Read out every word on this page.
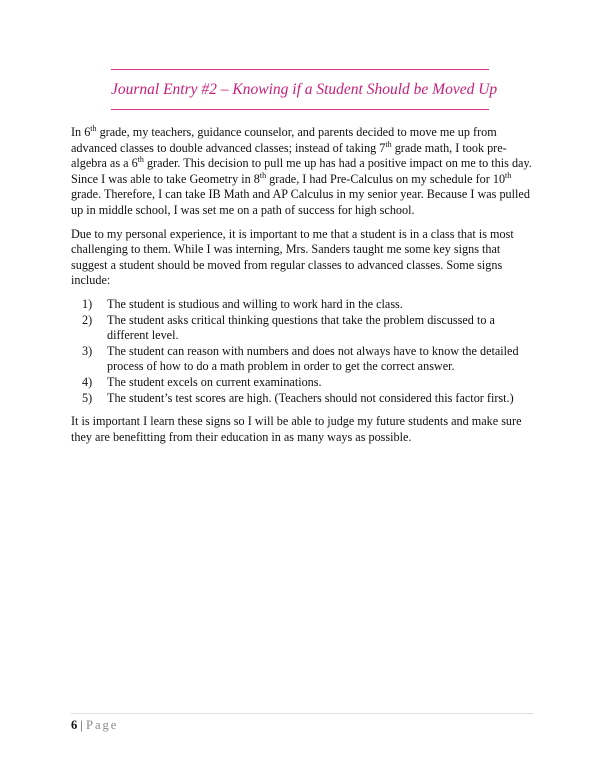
Journal Entry #2 – Knowing if a Student Should be Moved Up

In 6th grade, my teachers, guidance counselor, and parents decided to move me up from advanced classes to double advanced classes; instead of taking 7th grade math, I took pre-algebra as a 6th grader. This decision to pull me up has had a positive impact on me to this day. Since I was able to take Geometry in 8th grade, I had Pre-Calculus on my schedule for 10th grade. Therefore, I can take IB Math and AP Calculus in my senior year. Because I was pulled up in middle school, I was set me on a path of success for high school.

Due to my personal experience, it is important to me that a student is in a class that is most challenging to them. While I was interning, Mrs. Sanders taught me some key signs that suggest a student should be moved from regular classes to advanced classes. Some signs include:

1) The student is studious and willing to work hard in the class.
2) The student asks critical thinking questions that take the problem discussed to a different level.
3) The student can reason with numbers and does not always have to know the detailed process of how to do a math problem in order to get the correct answer.
4) The student excels on current examinations.
5) The student’s test scores are high. (Teachers should not considered this factor first.)

It is important I learn these signs so I will be able to judge my future students and make sure they are benefitting from their education in as many ways as possible.

6 | Page
